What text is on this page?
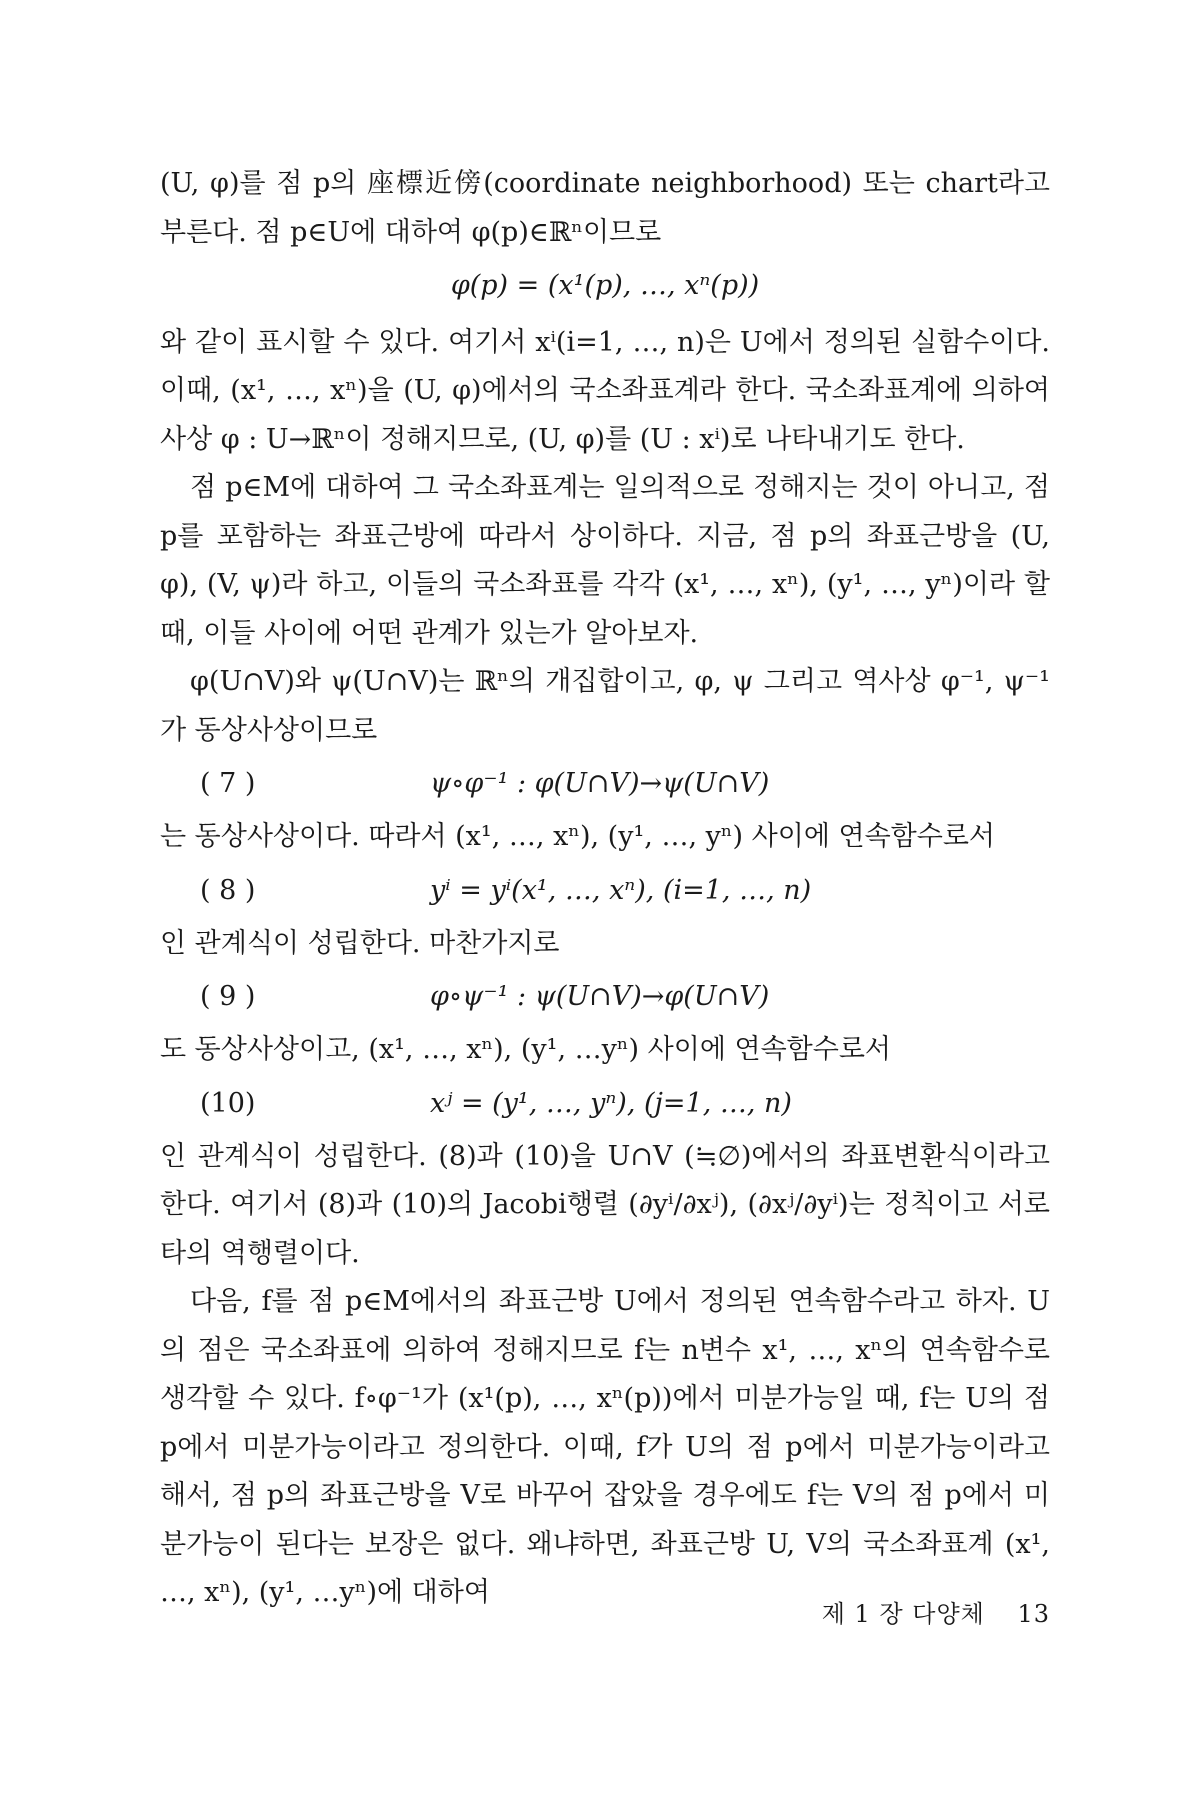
(U, φ)를 점 p의 座標近傍(coordinate neighborhood) 또는 chart라고 부른다. 점 p∈U에 대하여 φ(p)∈ℝⁿ이므로

φ(p) = (x¹(p), …, xⁿ(p))

와 같이 표시할 수 있다. 여기서 xⁱ(i=1, …, n)은 U에서 정의된 실함수이다. 이때, (x¹, …, xⁿ)을 (U, φ)에서의 국소좌표계라 한다. 국소좌표계에 의하여 사상 φ : U→ℝⁿ이 정해지므로, (U, φ)를 (U : xⁱ)로 나타내기도 한다.

점 p∈M에 대하여 그 국소좌표계는 일의적으로 정해지는 것이 아니고, 점 p를 포함하는 좌표근방에 따라서 상이하다. 지금, 점 p의 좌표근방을 (U, φ), (V, ψ)라 하고, 이들의 국소좌표를 각각 (x¹, …, xⁿ), (y¹, …, yⁿ)이라 할 때, 이들 사이에 어떤 관계가 있는가 알아보자.

φ(U∩V)와 ψ(U∩V)는 ℝⁿ의 개집합이고, φ, ψ 그리고 역사상 φ⁻¹, ψ⁻¹가 동상사상이므로

( 7 )	ψ∘φ⁻¹ : φ(U∩V)→ψ(U∩V)

는 동상사상이다. 따라서 (x¹, …, xⁿ), (y¹, …, yⁿ) 사이에 연속함수로서

( 8 )	yⁱ = yⁱ(x¹, …, xⁿ), (i=1, …, n)

인 관계식이 성립한다. 마찬가지로

( 9 )	φ∘ψ⁻¹ : ψ(U∩V)→φ(U∩V)

도 동상사상이고, (x¹, …, xⁿ), (y¹, …yⁿ) 사이에 연속함수로서

(10)	xʲ = (y¹, …, yⁿ), (j=1, …, n)

인 관계식이 성립한다. (8)과 (10)을 U∩V (≒∅)에서의 좌표변환식이라고 한다. 여기서 (8)과 (10)의 Jacobi행렬 (∂yⁱ/∂xʲ), (∂xʲ/∂yⁱ)는 정칙이고 서로 타의 역행렬이다.

다음, f를 점 p∈M에서의 좌표근방 U에서 정의된 연속함수라고 하자. U의 점은 국소좌표에 의하여 정해지므로 f는 n변수 x¹, …, xⁿ의 연속함수로 생각할 수 있다. f∘φ⁻¹가 (x¹(p), …, xⁿ(p))에서 미분가능일 때, f는 U의 점 p에서 미분가능이라고 정의한다. 이때, f가 U의 점 p에서 미분가능이라고 해서, 점 p의 좌표근방을 V로 바꾸어 잡았을 경우에도 f는 V의 점 p에서 미분가능이 된다는 보장은 없다. 왜냐하면, 좌표근방 U, V의 국소좌표계 (x¹, …, xⁿ), (y¹, …yⁿ)에 대하여

제 1 장 다양체 13
